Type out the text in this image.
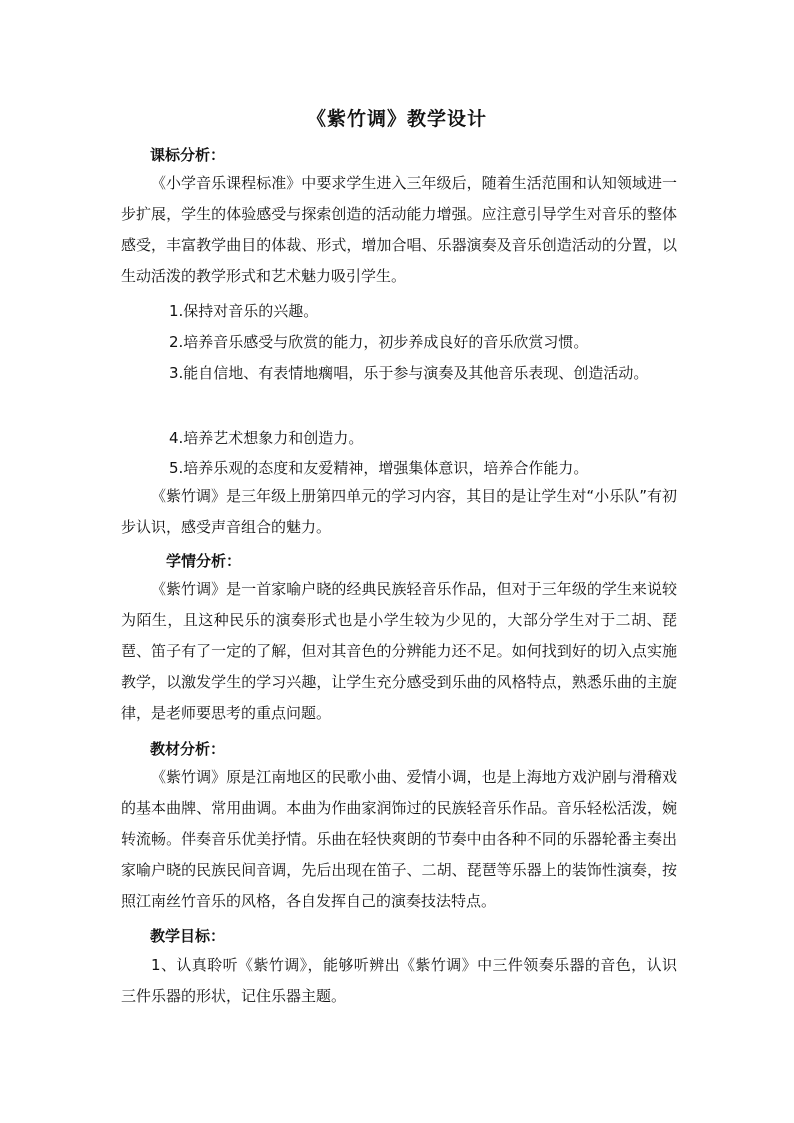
《紫竹调》教学设计
课标分析：
《小学音乐课程标准》中要求学生进入三年级后，随着生活范围和认知领域进一步扩展，学生的体验感受与探索创造的活动能力增强。应注意引导学生对音乐的整体感受，丰富教学曲目的体裁、形式，增加合唱、乐器演奏及音乐创造活动的分置，以生动活泼的教学形式和艺术魅力吸引学生。
1.保持对音乐的兴趣。
2.培养音乐感受与欣赏的能力，初步养成良好的音乐欣赏习惯。
3.能自信地、有表情地瘸唱，乐于参与演奏及其他音乐表现、创造活动。
4.培养艺术想象力和创造力。
5.培养乐观的态度和友爱精神，增强集体意识，培养合作能力。
《紫竹调》是三年级上册第四单元的学习内容，其目的是让学生对“小乐队”有初步认识，感受声音组合的魅力。
学情分析：
《紫竹调》是一首家喻户晓的经典民族轻音乐作品，但对于三年级的学生来说较为陌生，且这种民乐的演奏形式也是小学生较为少见的，大部分学生对于二胡、琵琶、笛子有了一定的了解，但对其音色的分辨能力还不足。如何找到好的切入点实施教学，以激发学生的学习兴趣，让学生充分感受到乐曲的风格特点，熟悉乐曲的主旋律，是老师要思考的重点问题。
教材分析：
《紫竹调》原是江南地区的民歌小曲、爱情小调，也是上海地方戏沪剧与滑稽戏的基本曲牌、常用曲调。本曲为作曲家润饰过的民族轻音乐作品。音乐轻松活泼，婉转流畅。伴奏音乐优美抒情。乐曲在轻快爽朗的节奏中由各种不同的乐器轮番主奏出家喻户晓的民族民间音调，先后出现在笛子、二胡、琵琶等乐器上的装饰性演奏，按照江南丝竹音乐的风格，各自发挥自己的演奏技法特点。
教学目标：
1、认真聆听《紫竹调》，能够听辨出《紫竹调》中三件领奏乐器的音色，认识三件乐器的形状，记住乐器主题。
